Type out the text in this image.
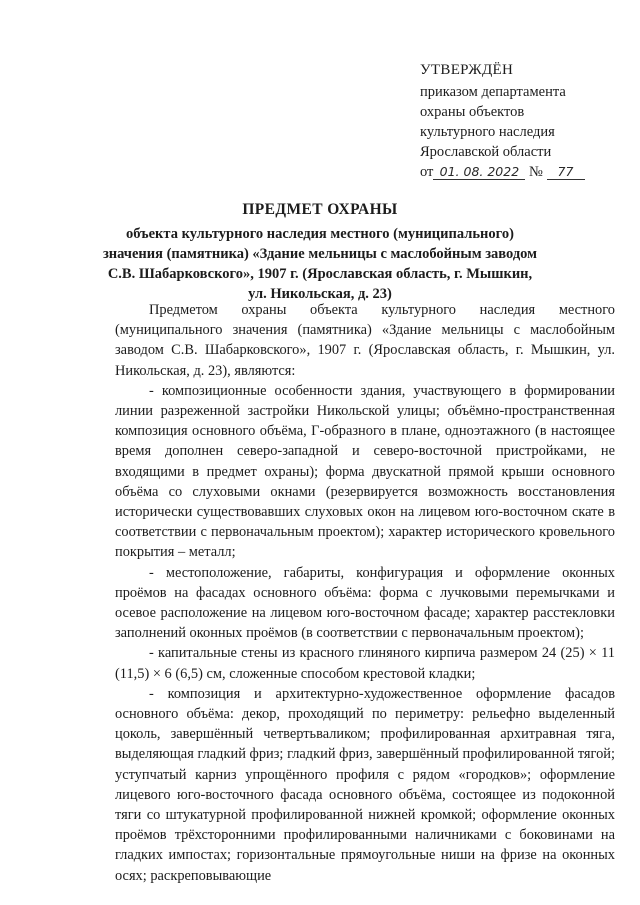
УТВЕРЖДЁН
приказом департамента
охраны объектов
культурного наследия
Ярославской области
от 01. 08. 2022 № 77
ПРЕДМЕТ ОХРАНЫ
объекта культурного наследия местного (муниципального) значения (памятника) «Здание мельницы с маслобойным заводом С.В. Шабарковского», 1907 г. (Ярославская область, г. Мышкин, ул. Никольская, д. 23)

Предметом охраны объекта культурного наследия местного (муниципального значения (памятника) «Здание мельницы с маслобойным заводом С.В. Шабарковского», 1907 г. (Ярославская область, г. Мышкин, ул. Никольская, д. 23), являются:

- композиционные особенности здания, участвующего в формировании линии разреженной застройки Никольской улицы; объёмно-пространственная композиция основного объёма, Г-образного в плане, одноэтажного (в настоящее время дополнен северо-западной и северо-восточной пристройками, не входящими в предмет охраны); форма двускатной прямой крыши основного объёма со слуховыми окнами (резервируется возможность восстановления исторически существовавших слуховых окон на лицевом юго-восточном скате в соответствии с первоначальным проектом); характер исторического кровельного покрытия – металл;

- местоположение, габариты, конфигурация и оформление оконных проёмов на фасадах основного объёма: форма с лучковыми перемычками и осевое расположение на лицевом юго-восточном фасаде; характер расстекловки заполнений оконных проёмов (в соответствии с первоначальным проектом);

- капитальные стены из красного глиняного кирпича размером 24 (25) × 11 (11,5) × 6 (6,5) см, сложенные способом крестовой кладки;

- композиция и архитектурно-художественное оформление фасадов основного объёма: декор, проходящий по периметру: рельефно выделенный цоколь, завершённый четвертьваликом; профилированная архитравная тяга, выделяющая гладкий фриз; гладкий фриз, завершённый профилированной тягой; уступчатый карниз упрощённого профиля с рядом «городков»; оформление лицевого юго-восточного фасада основного объёма, состоящее из подоконной тяги со штукатурной профилированной нижней кромкой; оформление оконных проёмов трёхсторонними профилированными наличниками с боковинами на гладких импостах; горизонтальные прямоугольные ниши на фризе на оконных осях; раскреповывающие
